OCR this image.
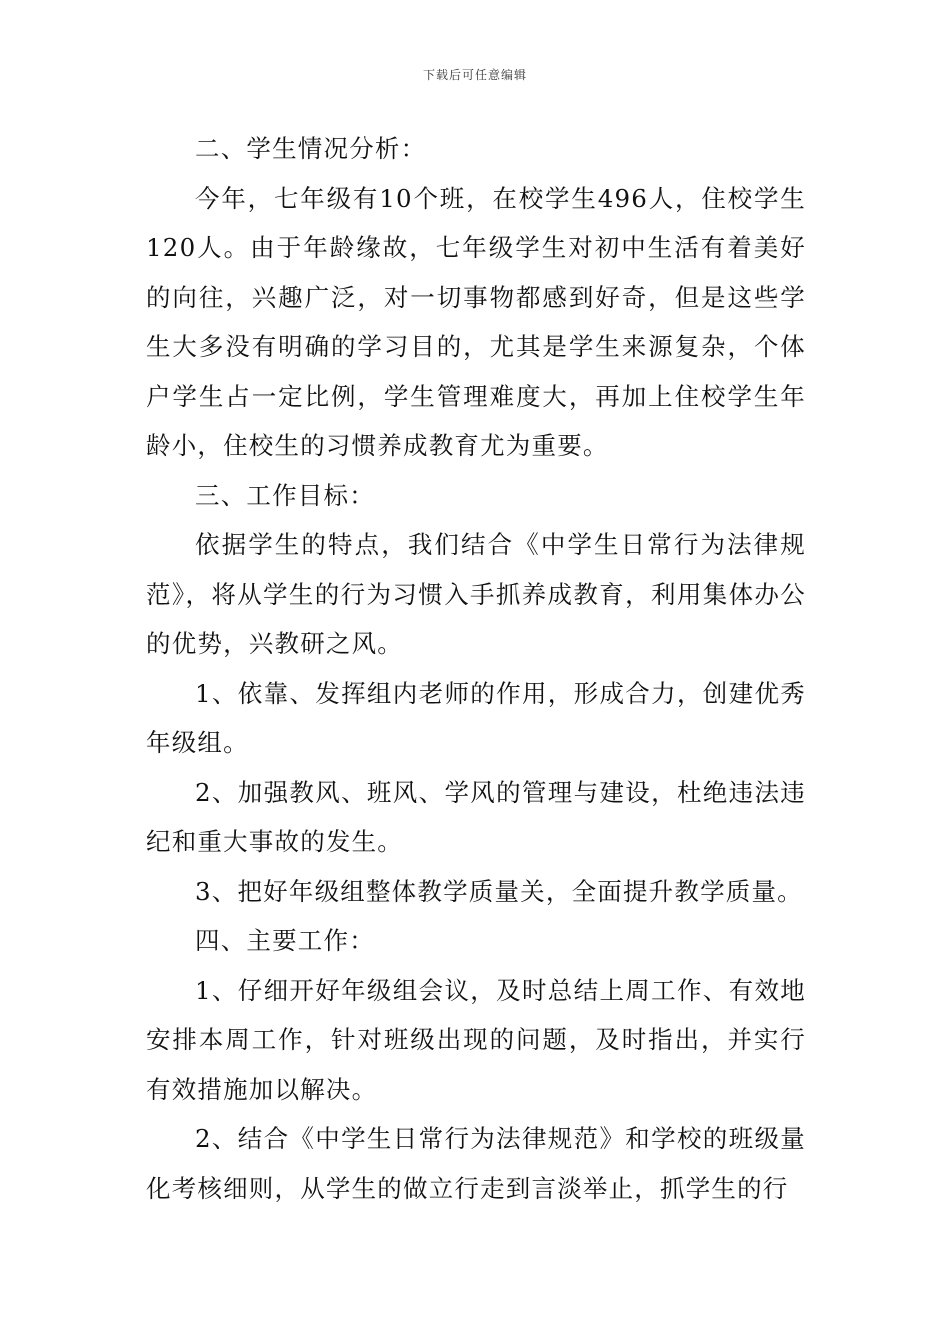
下载后可任意编辑

二、学生情况分析：

今年，七年级有10个班，在校学生496人，住校学生120人。由于年龄缘故，七年级学生对初中生活有着美好的向往，兴趣广泛，对一切事物都感到好奇，但是这些学生大多没有明确的学习目的，尤其是学生来源复杂，个体户学生占一定比例，学生管理难度大，再加上住校学生年龄小，住校生的习惯养成教育尤为重要。

三、工作目标：

依据学生的特点，我们结合《中学生日常行为法律规范》，将从学生的行为习惯入手抓养成教育，利用集体办公的优势，兴教研之风。

1、依靠、发挥组内老师的作用，形成合力，创建优秀年级组。

2、加强教风、班风、学风的管理与建设，杜绝违法违纪和重大事故的发生。

3、把好年级组整体教学质量关，全面提升教学质量。

四、主要工作：

1、仔细开好年级组会议，及时总结上周工作、有效地安排本周工作，针对班级出现的问题，及时指出，并实行有效措施加以解决。

2、结合《中学生日常行为法律规范》和学校的班级量化考核细则，从学生的做立行走到言淡举止，抓学生的行
